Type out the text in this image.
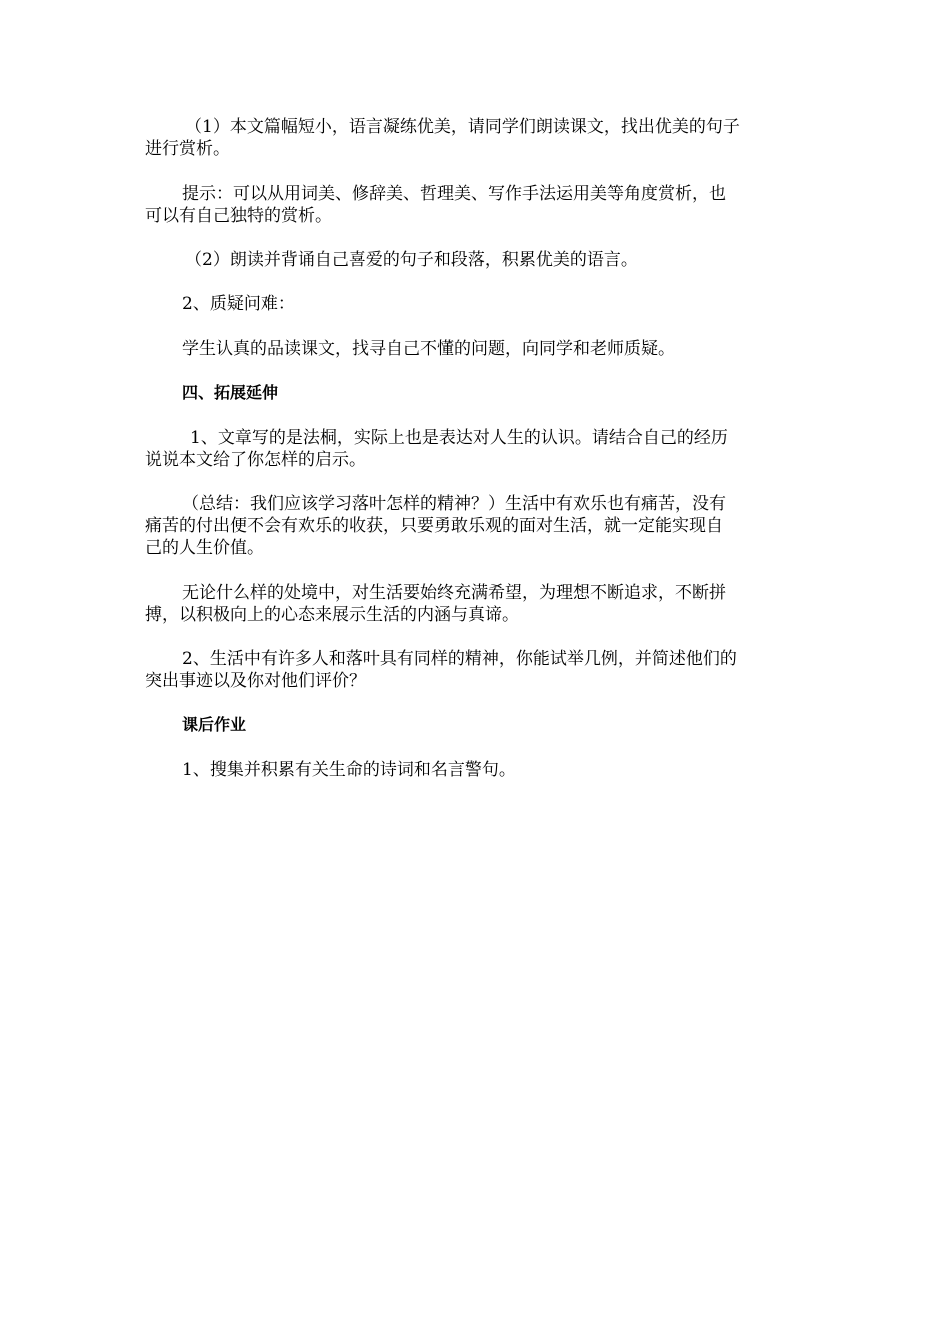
（1）本文篇幅短小，语言凝练优美，请同学们朗读课文，找出优美的句子
进行赏析。

提示：可以从用词美、修辞美、哲理美、写作手法运用美等角度赏析，也
可以有自己独特的赏析。

（2）朗读并背诵自己喜爱的句子和段落，积累优美的语言。

2、质疑问难：

学生认真的品读课文，找寻自己不懂的问题，向同学和老师质疑。

四、拓展延伸

1、文章写的是法桐，实际上也是表达对人生的认识。请结合自己的经历
说说本文给了你怎样的启示。

（总结：我们应该学习落叶怎样的精神？）生活中有欢乐也有痛苦，没有
痛苦的付出便不会有欢乐的收获，只要勇敢乐观的面对生活，就一定能实现自
己的人生价值。

无论什么样的处境中，对生活要始终充满希望，为理想不断追求，不断拼
搏，以积极向上的心态来展示生活的内涵与真谛。

2、生活中有许多人和落叶具有同样的精神，你能试举几例，并简述他们的
突出事迹以及你对他们评价？

课后作业

1、搜集并积累有关生命的诗词和名言警句。
